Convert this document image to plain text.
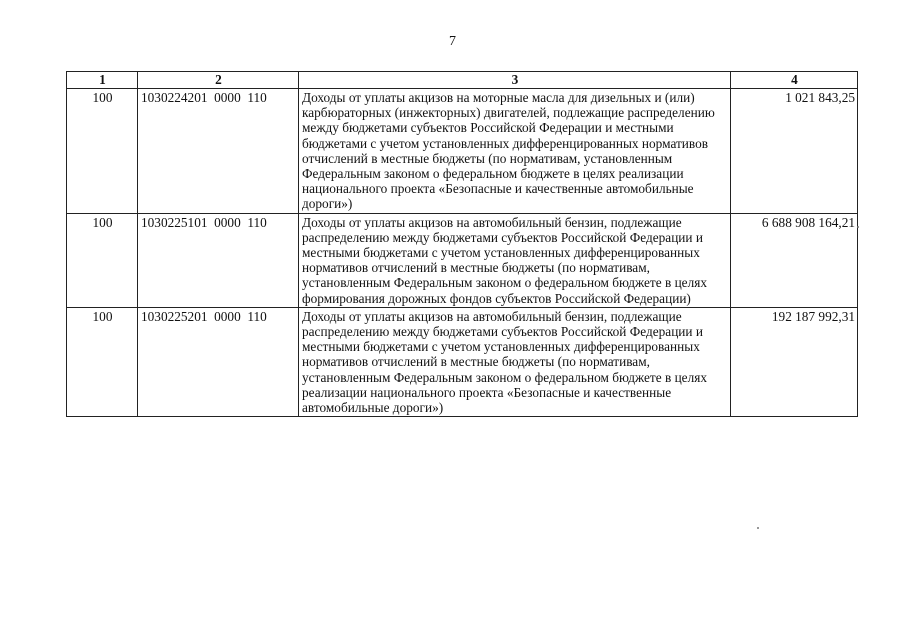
7
1	2	3	4
100	1030224201  0000  110	Доходы от уплаты акцизов на моторные масла для дизельных и (или) карбюраторных (инжекторных) двигателей, подлежащие распределению между бюджетами субъектов Российской Федерации и местными бюджетами с учетом установленных дифференцированных нормативов отчислений в местные бюджеты (по нормативам, установленным Федеральным законом о федеральном бюджете в целях реализации национального проекта «Безопасные и качественные автомобильные дороги»)	1 021 843,25
100	1030225101  0000  110	Доходы от уплаты акцизов на автомобильный бензин, подлежащие распределению между бюджетами субъектов Российской Федерации и местными бюджетами с учетом установленных дифференцированных нормативов отчислений в местные бюджеты (по нормативам, установленным Федеральным законом о федеральном бюджете в целях формирования дорожных фондов субъектов Российской Федерации)	6 688 908 164,21
100	1030225201  0000  110	Доходы от уплаты акцизов на автомобильный бензин, подлежащие распределению между бюджетами субъектов Российской Федерации и местными бюджетами с учетом установленных дифференцированных нормативов отчислений в местные бюджеты (по нормативам, установленным Федеральным законом о федеральном бюджете в целях реализации национального проекта «Безопасные и качественные автомобильные дороги»)	192 187 992,31
